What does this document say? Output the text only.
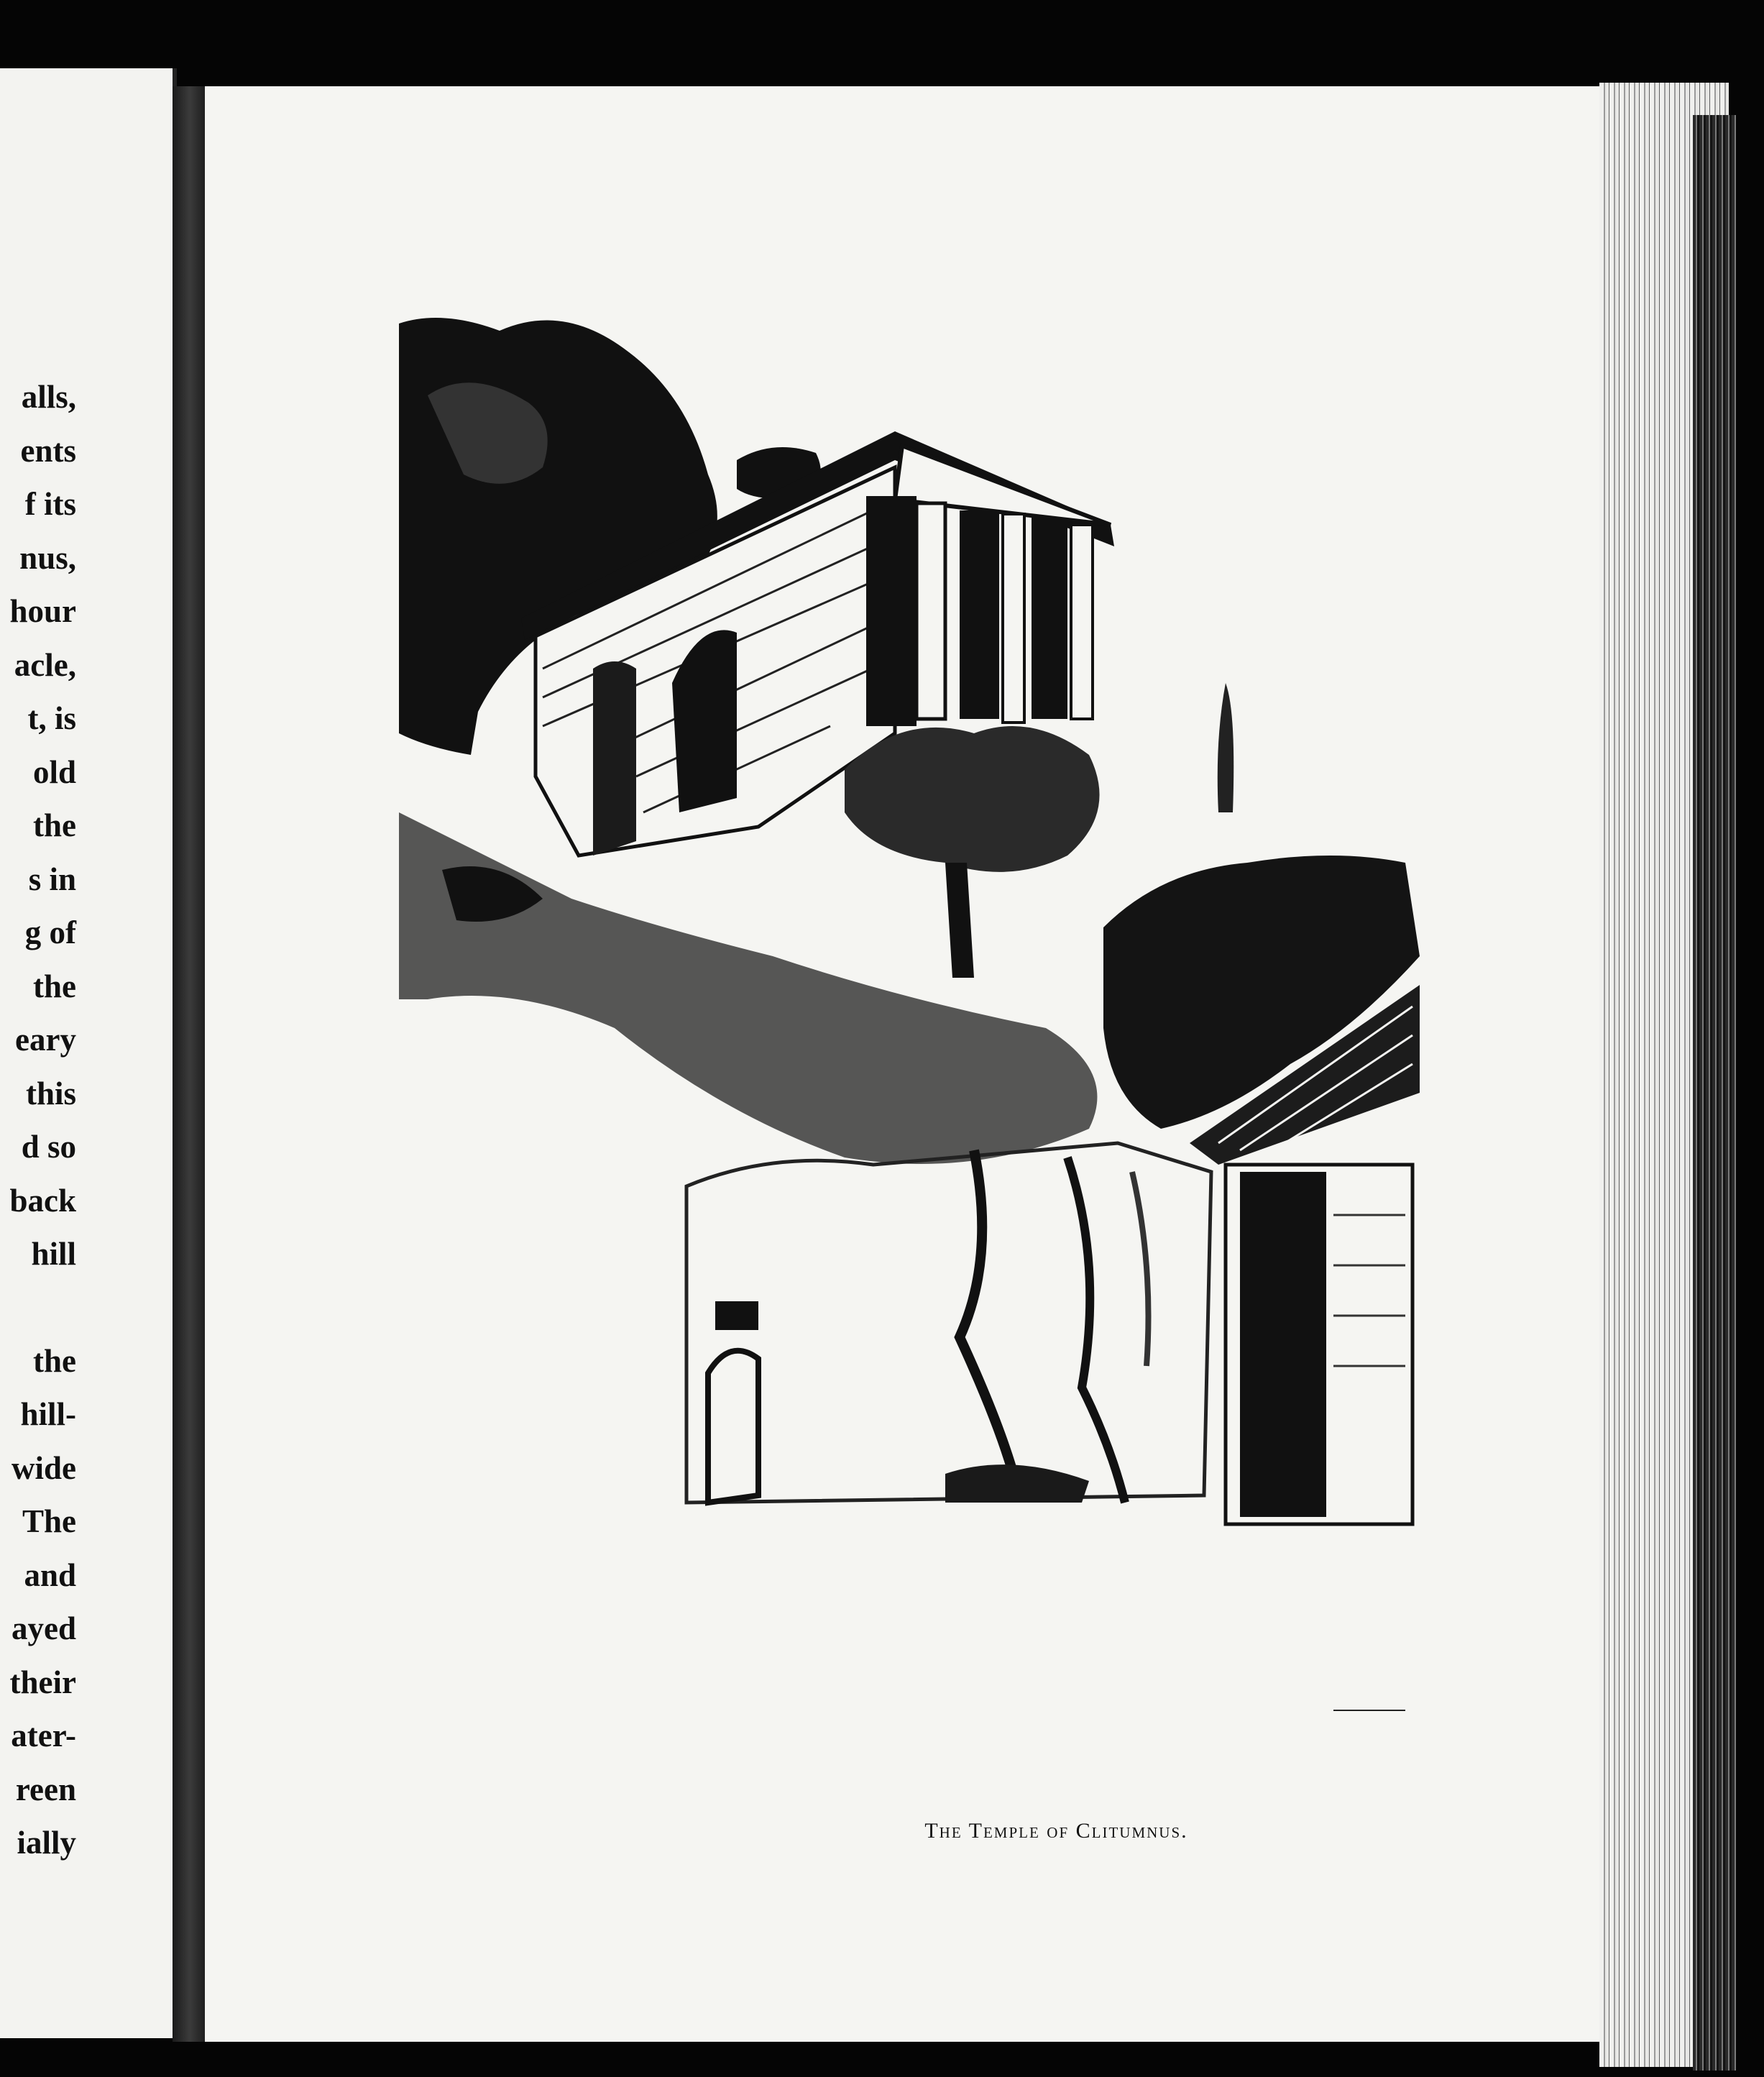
alls,
ents
f its
nus,
hour
acle,
t, is
old
the
s in
g of
the
eary
this
d so
back
hill
the
hill-
wide
The
and
ayed
their
ater-
reen
ially	The Temple of Clitumnus.
